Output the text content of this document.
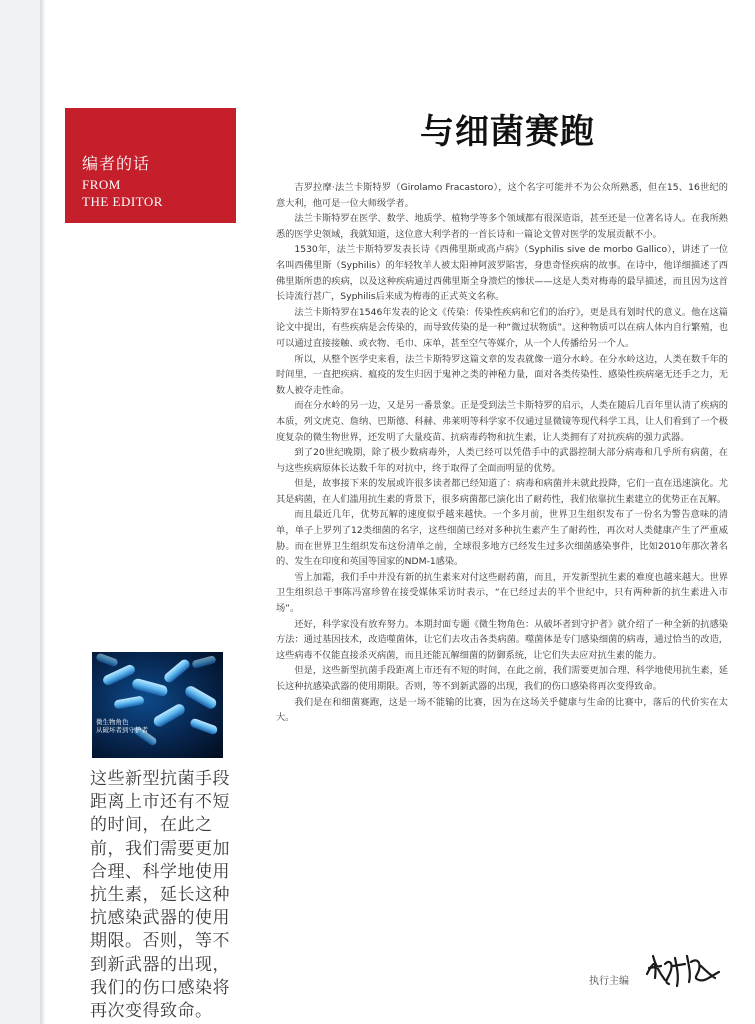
编者的话
FROM
THE EDITOR
与细菌赛跑

吉罗拉摩·法兰卡斯特罗（Girolamo Fracastoro），这个名字可能并不为公众所熟悉，但在15、16世纪的意大利，他可是一位大师级学者。

法兰卡斯特罗在医学、数学、地质学、植物学等多个领域都有很深造诣，甚至还是一位著名诗人。在我所熟悉的医学史领域，我就知道，这位意大利学者的一首长诗和一篇论文曾对医学的发展贡献不小。

1530年，法兰卡斯特罗发表长诗《西佛里斯或高卢病》（Syphilis sive de morbo Gallico），讲述了一位名叫西佛里斯（Syphilis）的年轻牧羊人被太阳神阿波罗陷害，身患奇怪疾病的故事。在诗中，他详细描述了西佛里斯所患的疾病，以及这种疾病通过西佛里斯全身溃烂的惨状——这是人类对梅毒的最早描述，而且因为这首长诗流行甚广，Syphilis后来成为梅毒的正式英文名称。

法兰卡斯特罗在1546年发表的论文《传染：传染性疾病和它们的治疗》，更是具有划时代的意义。他在这篇论文中提出，有些疾病是会传染的，而导致传染的是一种“微过状物质”。这种物质可以在病人体内自行繁殖，也可以通过直接接触、或衣物、毛巾、床单，甚至空气等媒介，从一个人传播给另一个人。

所以，从整个医学史来看，法兰卡斯特罗这篇文章的发表就像一道分水岭。在分水岭这边，人类在数千年的时间里，一直把疾病、瘟疫的发生归因于鬼神之类的神秘力量，面对各类传染性、感染性疾病毫无还手之力，无数人被夺走性命。

而在分水岭的另一边，又是另一番景象。正是受到法兰卡斯特罗的启示，人类在随后几百年里认清了疾病的本质，列文虎克、詹纳、巴斯德、科赫、弗莱明等科学家不仅通过显微镜等现代科学工具，让人们看到了一个极度复杂的微生物世界，还发明了大量疫苗、抗病毒药物和抗生素，让人类拥有了对抗疾病的强力武器。

到了20世纪晚期，除了极少数病毒外，人类已经可以凭借手中的武器控制大部分病毒和几乎所有病菌，在与这些疾病原体长达数千年的对抗中，终于取得了全面而明显的优势。

但是，故事接下来的发展或许很多读者都已经知道了：病毒和病菌并未就此投降，它们一直在迅速演化。尤其是病菌，在人们滥用抗生素的背景下，很多病菌都已演化出了耐药性，我们依靠抗生素建立的优势正在瓦解。

而且最近几年，优势瓦解的速度似乎越来越快。一个多月前，世界卫生组织发布了一份名为警告意味的清单，单子上罗列了12类细菌的名字，这些细菌已经对多种抗生素产生了耐药性，再次对人类健康产生了严重威胁。而在世界卫生组织发布这份清单之前，全球很多地方已经发生过多次细菌感染事件，比如2010年那次著名的、发生在印度和英国等国家的NDM-1感染。

雪上加霜，我们手中并没有新的抗生素来对付这些耐药菌，而且，开发新型抗生素的难度也越来越大。世界卫生组织总干事陈冯富珍曾在接受媒体采访时表示，“在已经过去的半个世纪中，只有两种新的抗生素进入市场”。

还好，科学家没有放弃努力。本期封面专题《微生物角色：从破坏者到守护者》就介绍了一种全新的抗感染方法：通过基因技术，改造噬菌体，让它们去攻击各类病菌。噬菌体是专门感染细菌的病毒，通过恰当的改造，这些病毒不仅能直接杀灭病菌，而且还能瓦解细菌的防御系统，让它们失去应对抗生素的能力。

但是，这些新型抗菌手段距离上市还有不短的时间，在此之前，我们需要更加合理、科学地使用抗生素，延长这种抗感染武器的使用期限。否则，等不到新武器的出现，我们的伤口感染将再次变得致命。

我们是在和细菌赛跑，这是一场不能输的比赛，因为在这场关乎健康与生命的比赛中，落后的代价实在太大。

微生物角色
从破坏者到守护者
这些新型抗菌手段距离上市还有不短的时间，在此之前，我们需要更加合理、科学地使用抗生素，延长这种抗感染武器的使用期限。否则，等不到新武器的出现，我们的伤口感染将再次变得致命。
执行主编
